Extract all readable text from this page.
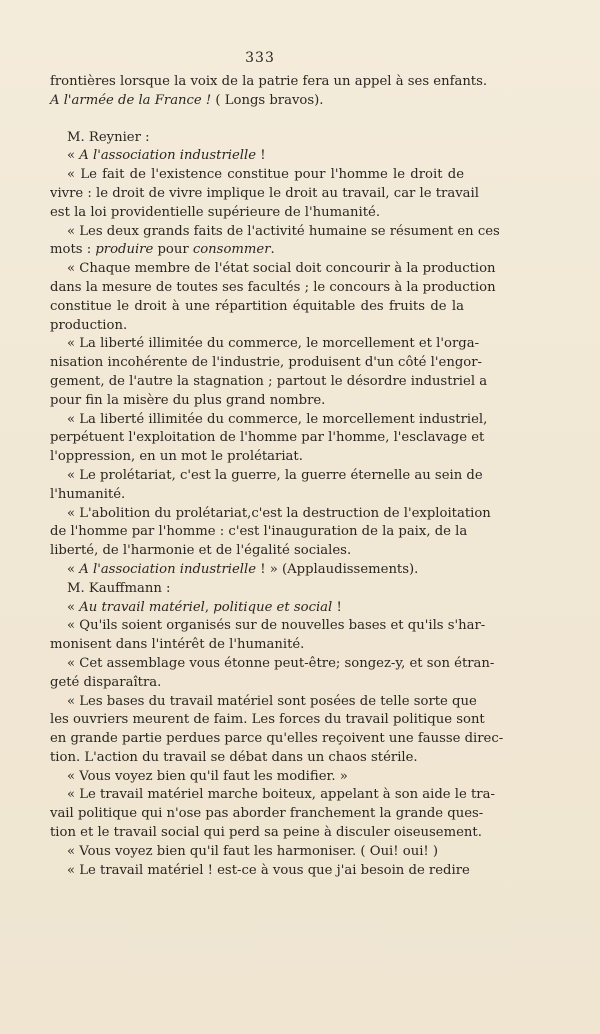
333
frontières lorsque la voix de la patrie fera un appel à ses enfants.
A l'armée de la France ! ( Longs bravos).
M. Reynier :
« A l'association industrielle !
« Le fait de l'existence constitue pour l'homme le droit de
vivre : le droit de vivre implique le droit au travail, car le travail
est la loi providentielle supérieure de l'humanité.
« Les deux grands faits de l'activité humaine se résument en ces
mots : produire pour consommer.
« Chaque membre de l'état social doit concourir à la production
dans la mesure de toutes ses facultés ; le concours à la production
constitue le droit à une répartition équitable des fruits de la
production.
« La liberté illimitée du commerce, le morcellement et l'orga-
nisation incohérente de l'industrie, produisent d'un côté l'engor-
gement, de l'autre la stagnation ; partout le désordre industriel a
pour fin la misère du plus grand nombre.
« La liberté illimitée du commerce, le morcellement industriel,
perpétuent l'exploitation de l'homme par l'homme, l'esclavage et
l'oppression, en un mot le prolétariat.
« Le prolétariat, c'est la guerre, la guerre éternelle au sein de
l'humanité.
« L'abolition du prolétariat,c'est la destruction de l'exploitation
de l'homme par l'homme : c'est l'inauguration de la paix, de la
liberté, de l'harmonie et de l'égalité sociales.
« A l'association industrielle ! » (Applaudissements).
M. Kauffmann :
« Au travail matériel, politique et social !
« Qu'ils soient organisés sur de nouvelles bases et qu'ils s'har-
monisent dans l'intérêt de l'humanité.
« Cet assemblage vous étonne peut-être; songez-y, et son étran-
geté disparaîtra.
« Les bases du travail matériel sont posées de telle sorte que
les ouvriers meurent de faim. Les forces du travail politique sont
en grande partie perdues parce qu'elles reçoivent une fausse direc-
tion. L'action du travail se débat dans un chaos stérile.
« Vous voyez bien qu'il faut les modifier. »
« Le travail matériel marche boiteux, appelant à son aide le tra-
vail politique qui n'ose pas aborder franchement la grande ques-
tion et le travail social qui perd sa peine à disculer oiseusement.
« Vous voyez bien qu'il faut les harmoniser. ( Oui! oui! )
« Le travail matériel ! est-ce à vous que j'ai besoin de redire
